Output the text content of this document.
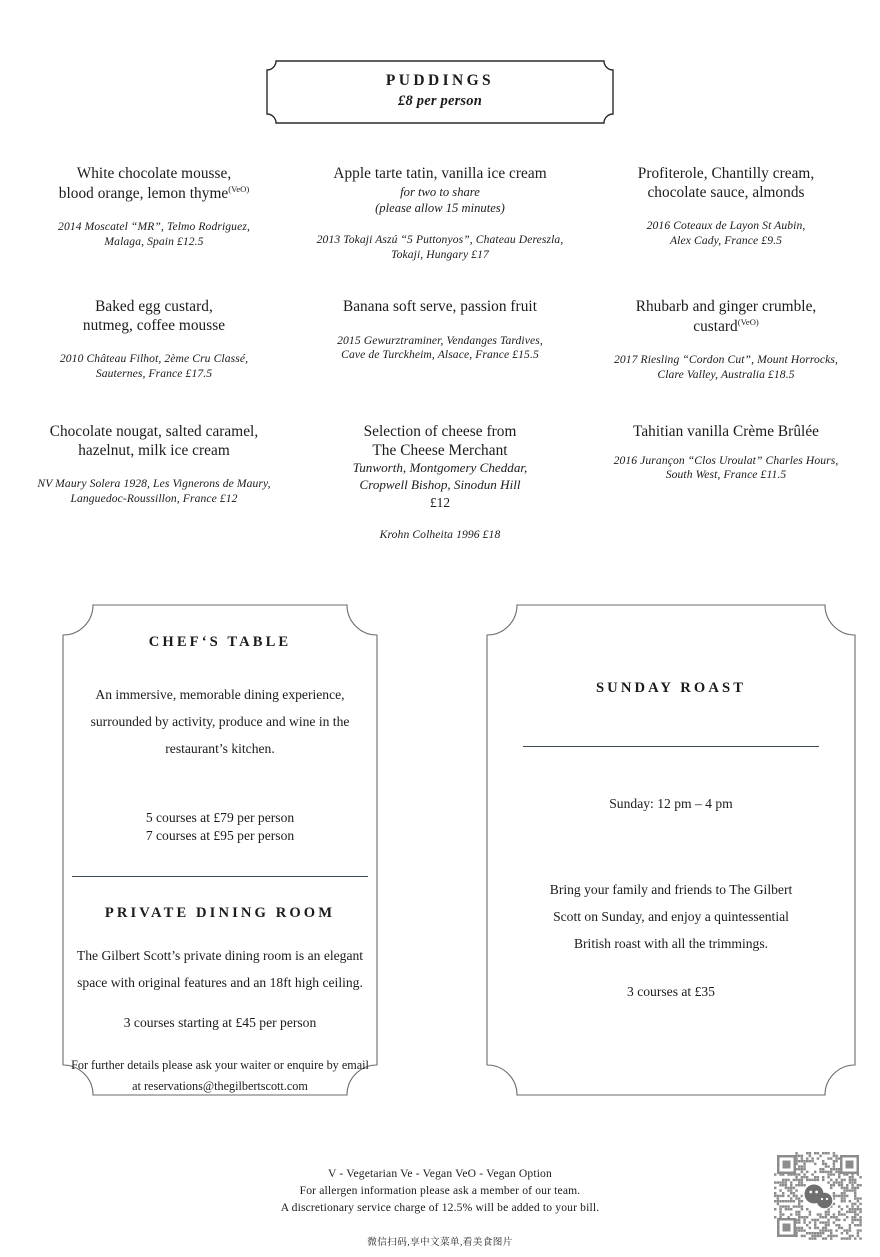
PUDDINGS
£8 per person
White chocolate mousse,
blood orange, lemon thyme$^{(VeO)}$
2014 Moscatel “MR”, Telmo Rodriguez,
Malaga, Spain £12.5
Baked egg custard,
nutmeg, coffee mousse
2010 Château Filhot, 2ème Cru Classé,
Sauternes, France £17.5
Chocolate nougat, salted caramel,
hazelnut, milk ice cream
NV Maury Solera 1928, Les Vignerons de Maury,
Languedoc-Roussillon, France £12
Apple tarte tatin, vanilla ice cream
for two to share
(please allow 15 minutes)
2013 Tokaji Aszú “5 Puttonyos”, Chateau Dereszla,
Tokaji, Hungary £17
Banana soft serve, passion fruit
2015 Gewurztraminer, Vendanges Tardives,
Cave de Turckheim, Alsace, France £15.5
Selection of cheese from
The Cheese Merchant
Tunworth, Montgomery Cheddar,
Cropwell Bishop, Sinodun Hill
£12
Krohn Colheita 1996 £18
Profiterole, Chantilly cream,
chocolate sauce, almonds
2016 Coteaux de Layon St Aubin,
Alex Cady, France £9.5
Rhubarb and ginger crumble,
custard$^{(VeO)}$
2017 Riesling “Cordon Cut”, Mount Horrocks,
Clare Valley, Australia £18.5
Tahitian vanilla Crème Brûlée
2016 Jurançon “Clos Uroulat” Charles Hours,
South West, France £11.5
CHEF‘S TABLE
An immersive, memorable dining experience,
surrounded by activity, produce and wine in the
restaurant’s kitchen.
5 courses at £79 per person
7 courses at £95 per person
PRIVATE DINING ROOM
The Gilbert Scott’s private dining room is an elegant
space with original features and an 18ft high ceiling.
3 courses starting at £45 per person
For further details please ask your waiter or enquire by email
at reservations@thegilbertscott.com
SUNDAY ROAST
Sunday: 12 pm – 4 pm
Bring your family and friends to The Gilbert
Scott on Sunday, and enjoy a quintessential
British roast with all the trimmings.
3 courses at £35
V - Vegetarian Ve - Vegan VeO - Vegan Option
For allergen information please ask a member of our team.
A discretionary service charge of 12.5% will be added to your bill.
微信扫码,享中文菜单,看美食图片
